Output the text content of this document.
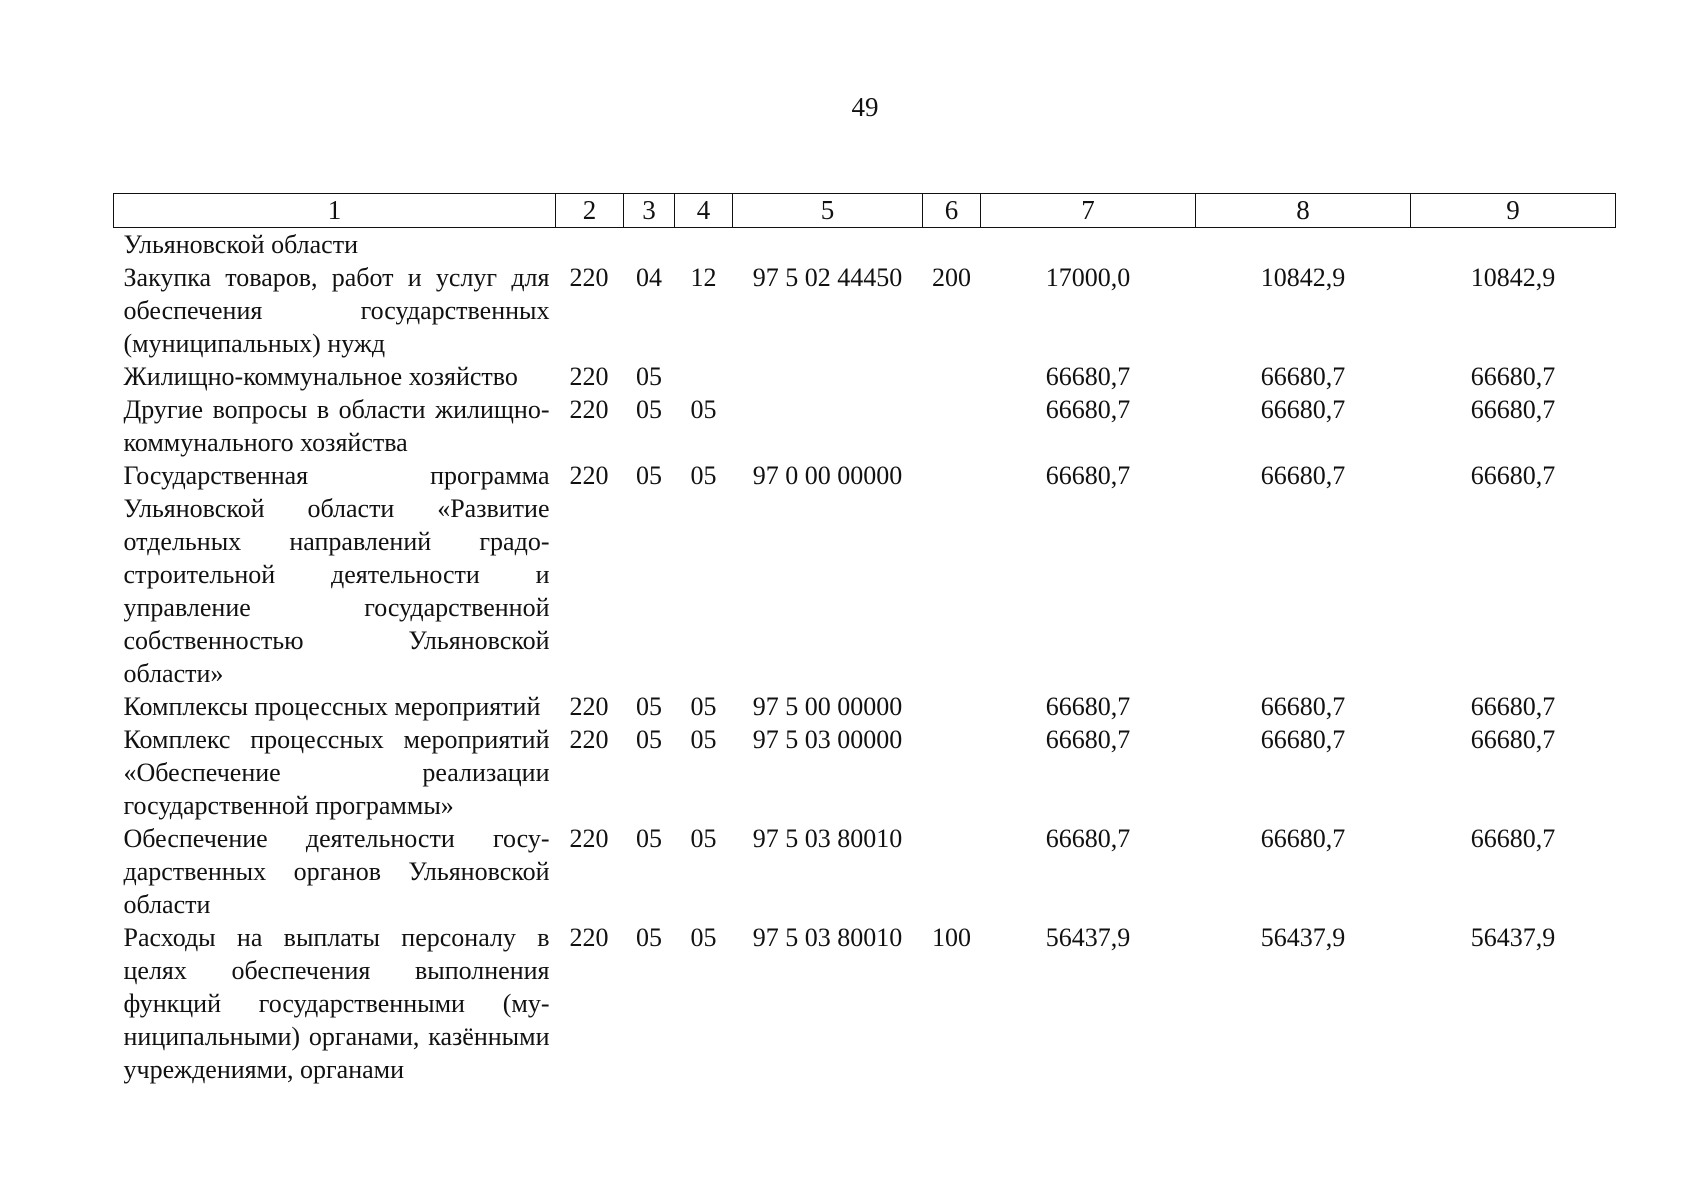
49
1	2	3	4	5	6	7	8	9
Ульяновской области								
Закупка товаров, работ и услуг для обеспечения государственных (муниципальных) нужд	220	04	12	97 5 02 44450	200	17000,0	10842,9	10842,9
Жилищно-коммунальное хозяйство	220	05				66680,7	66680,7	66680,7
Другие вопросы в области жилищно-коммунального хозяйства	220	05	05			66680,7	66680,7	66680,7
Государственная программа Ульяновской области «Развитие отдельных направлений градостроительной деятельности и управление государственной собственностью Ульяновской области»	220	05	05	97 0 00 00000		66680,7	66680,7	66680,7
Комплексы процессных мероприятий	220	05	05	97 5 00 00000		66680,7	66680,7	66680,7
Комплекс процессных мероприятий «Обеспечение реализации государственной программы»	220	05	05	97 5 03 00000		66680,7	66680,7	66680,7
Обеспечение деятельности государственных органов Ульяновской области	220	05	05	97 5 03 80010		66680,7	66680,7	66680,7
Расходы на выплаты персоналу в целях обеспечения выполнения функций государственными (муниципальными) органами, казёнными учреждениями, органами	220	05	05	97 5 03 80010	100	56437,9	56437,9	56437,9
